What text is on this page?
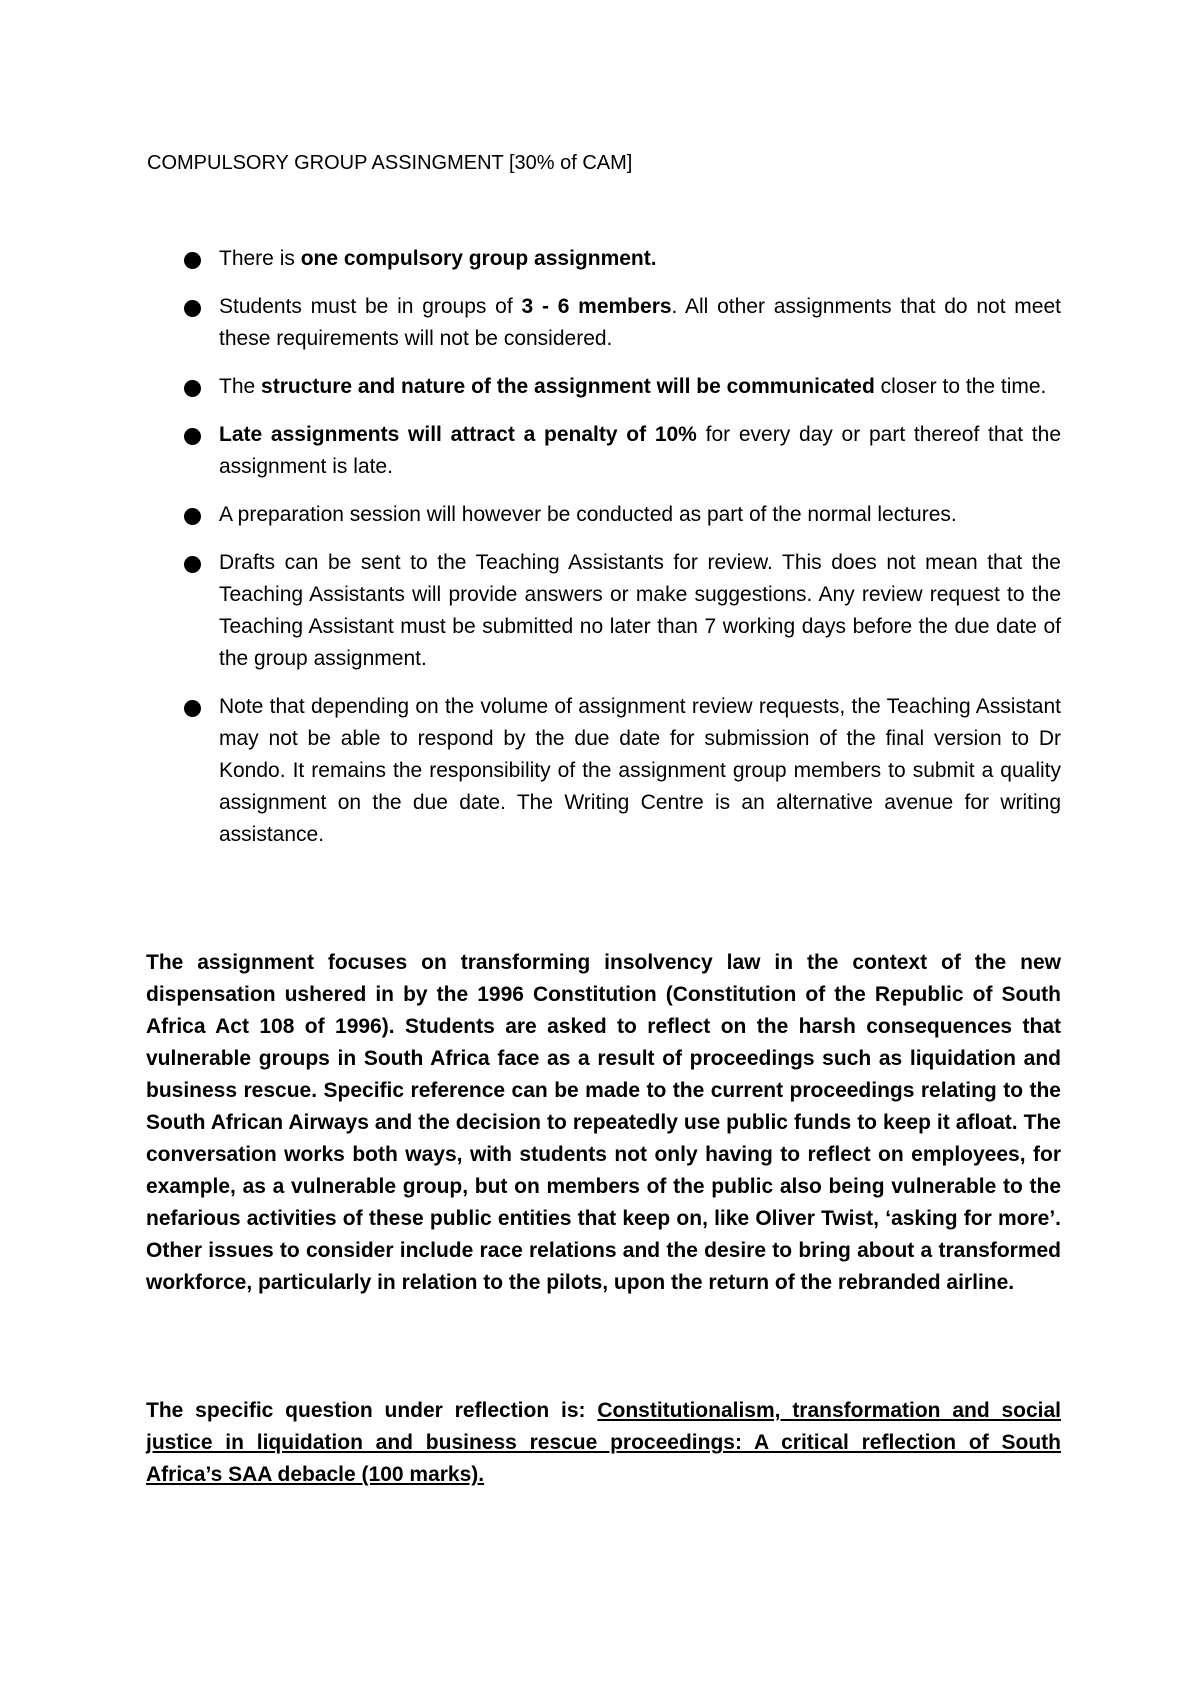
COMPULSORY GROUP ASSINGMENT [30% of CAM]
There is one compulsory group assignment.
Students must be in groups of 3 - 6 members. All other assignments that do not meet these requirements will not be considered.
The structure and nature of the assignment will be communicated closer to the time.
Late assignments will attract a penalty of 10% for every day or part thereof that the assignment is late.
A preparation session will however be conducted as part of the normal lectures.
Drafts can be sent to the Teaching Assistants for review. This does not mean that the Teaching Assistants will provide answers or make suggestions. Any review request to the Teaching Assistant must be submitted no later than 7 working days before the due date of the group assignment.
Note that depending on the volume of assignment review requests, the Teaching Assistant may not be able to respond by the due date for submission of the final version to Dr Kondo. It remains the responsibility of the assignment group members to submit a quality assignment on the due date. The Writing Centre is an alternative avenue for writing assistance.

The assignment focuses on transforming insolvency law in the context of the new dispensation ushered in by the 1996 Constitution (Constitution of the Republic of South Africa Act 108 of 1996). Students are asked to reflect on the harsh consequences that vulnerable groups in South Africa face as a result of proceedings such as liquidation and business rescue. Specific reference can be made to the current proceedings relating to the South African Airways and the decision to repeatedly use public funds to keep it afloat. The conversation works both ways, with students not only having to reflect on employees, for example, as a vulnerable group, but on members of the public also being vulnerable to the nefarious activities of these public entities that keep on, like Oliver Twist, ‘asking for more’. Other issues to consider include race relations and the desire to bring about a transformed workforce, particularly in relation to the pilots, upon the return of the rebranded airline.

The specific question under reflection is: Constitutionalism, transformation and social justice in liquidation and business rescue proceedings: A critical reflection of South Africa’s SAA debacle (100 marks).
